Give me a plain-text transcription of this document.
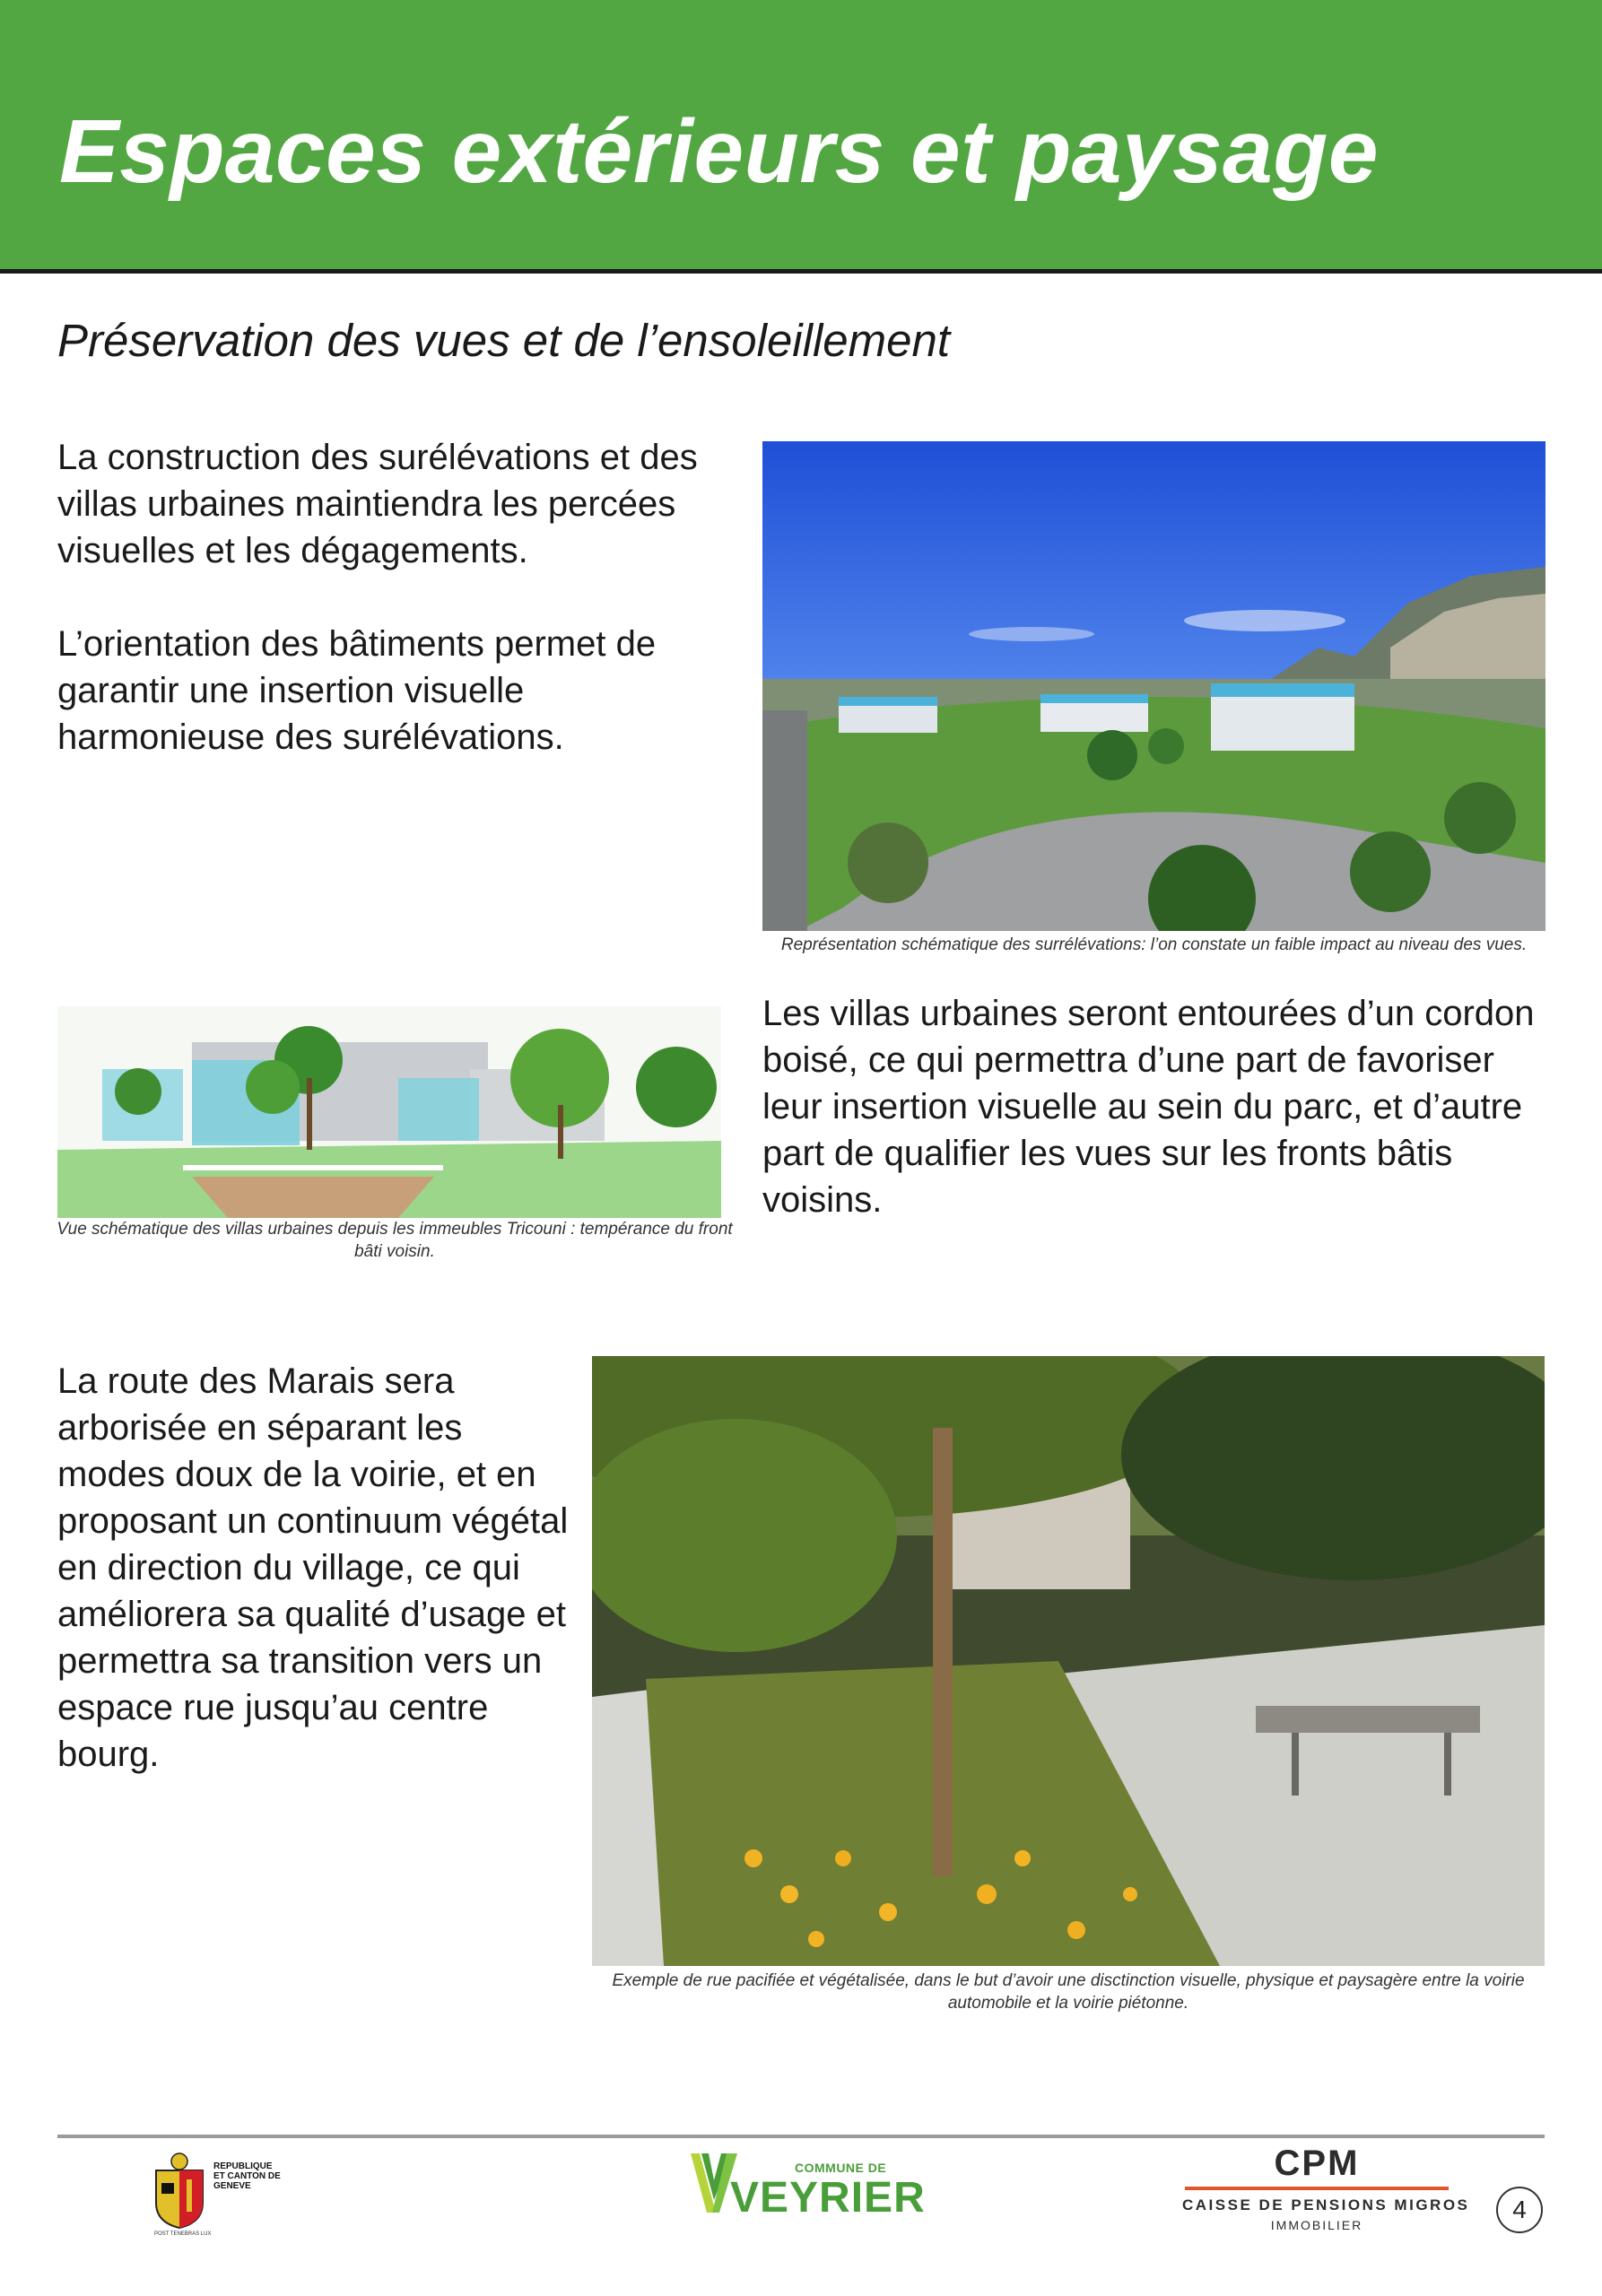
Espaces extérieurs et paysage
Préservation des vues et de l’ensoleillement

La construction des surélévations et des villas urbaines maintiendra les percées visuelles et les dégagements.

L’orientation des bâtiments permet de garantir une insertion visuelle harmonieuse des surélévations.

Représentation schématique des surrélévations: l’on constate un faible impact au niveau des vues.

Vue schématique des villas urbaines depuis les immeubles Tricouni : tempérance du front bâti voisin.

Les villas urbaines seront entourées d’un cordon boisé, ce qui permettra d’une part de favoriser leur insertion visuelle au sein du parc, et d’autre part de qualifier les vues sur les fronts bâtis voisins.

La route des Marais sera arborisée en séparant les modes doux de la voirie, et en proposant un continuum végétal en direction du village, ce qui améliorera sa qualité d’usage et permettra sa transition vers un espace rue jusqu’au centre bourg.

Exemple de rue pacifiée et végétalisée, dans le but d’avoir une disctinction visuelle, physique et paysagère entre la voirie automobile et la voirie piétonne.

REPUBLIQUE ET CANTON DE GENEVE
POST TENEBRAS LUX
COMMUNE DE
VEYRIER
CPM
CAISSE DE PENSIONS MIGROS
IMMOBILIER
4
